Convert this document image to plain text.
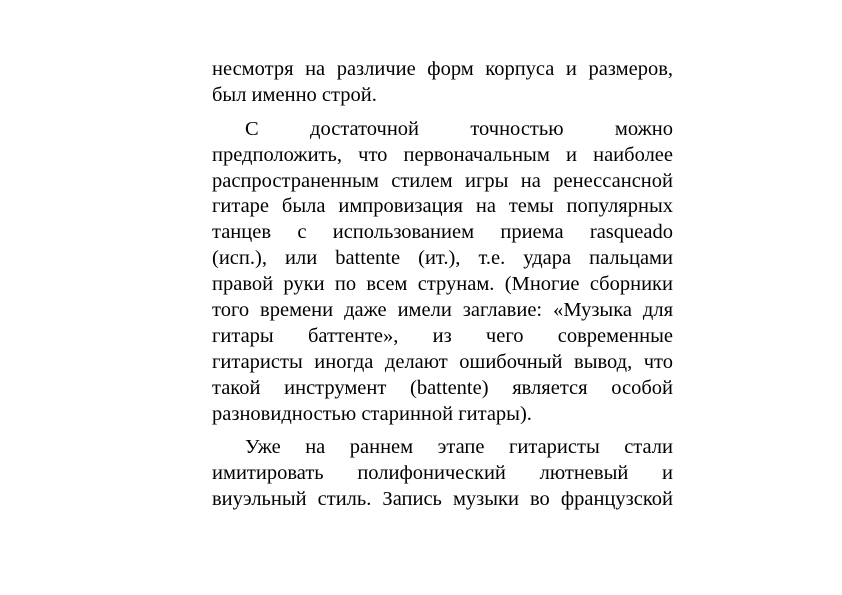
несмотря на различие форм корпуса и размеров,
был именно строй.
С достаточной точностью можно
предположить, что первоначальным и наиболее
распространенным стилем игры на ренессансной
гитаре была импровизация на темы популярных
танцев с использованием приема rasqueado
(исп.), или battente (ит.), т.е. удара пальцами
правой руки по всем струнам. (Многие сборники
того времени даже имели заглавие: «Музыка для
гитары баттенте», из чего современные
гитаристы иногда делают ошибочный вывод, что
такой инструмент (battente) является особой
разновидностью старинной гитары).
Уже на раннем этапе гитаристы стали
имитировать полифонический лютневый и
виуэльный стиль. Запись музыки во французской
